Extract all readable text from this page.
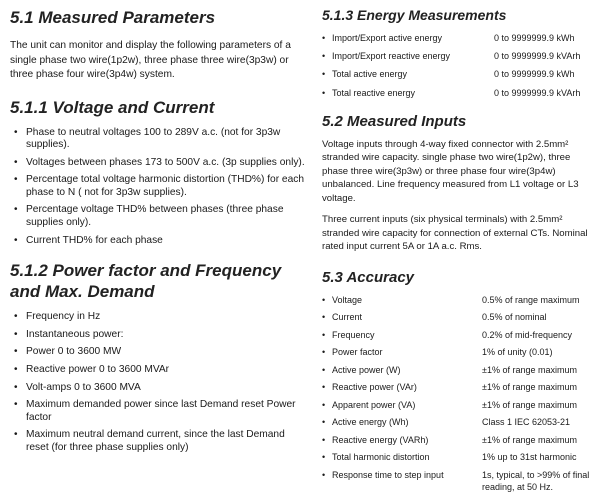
5.1 Measured Parameters

The unit can monitor and display the following parameters of a single phase two wire(1p2w), three phase three wire(3p3w) or three phase four wire(3p4w) system.

5.1.1 Voltage and Current
• Phase to neutral voltages 100 to 289V a.c. (not for 3p3w supplies).
• Voltages between phases 173 to 500V a.c. (3p supplies only).
• Percentage total voltage harmonic distortion (THD%) for each phase to N ( not for 3p3w supplies).
• Percentage voltage THD% between phases (three phase supplies only).
• Current THD% for each phase
5.1.2 Power factor and Frequency and Max. Demand
• Frequency in Hz
• Instantaneous power:
• Power 0 to 3600 MW
• Reactive power 0 to 3600 MVAr
• Volt-amps 0 to 3600 MVA
• Maximum demanded power since last Demand reset Power factor
• Maximum neutral demand current, since the last Demand reset (for three phase supplies only)
5.1.3 Energy Measurements
• Import/Export active energy	0 to 9999999.9 kWh
• Import/Export reactive energy	0 to 9999999.9 kVArh
• Total active energy	0 to 9999999.9 kWh
• Total reactive energy	0 to 9999999.9 kVArh
5.2 Measured Inputs

Voltage inputs through 4-way fixed connector with 2.5mm² stranded wire capacity. single phase two wire(1p2w), three phase three wire(3p3w) or three phase four wire(3p4w) unbalanced. Line frequency measured from L1 voltage or L3 voltage.

Three current inputs (six physical terminals) with 2.5mm² stranded wire capacity for connection of external CTs. Nominal rated input current 5A or 1A a.c. Rms.

5.3 Accuracy
• Voltage	0.5% of range maximum
• Current	0.5% of nominal
• Frequency	0.2% of mid-frequency
• Power factor	1% of unity (0.01)
• Active power (W)	±1% of range maximum
• Reactive power (VAr)	±1% of range maximum
• Apparent power (VA)	±1% of range maximum
• Active energy (Wh)	Class 1 IEC 62053-21
• Reactive energy (VARh)	±1% of range maximum
• Total harmonic distortion	1% up to 31st harmonic
• Response time to step input	1s, typical, to >99% of final reading, at 50 Hz.
